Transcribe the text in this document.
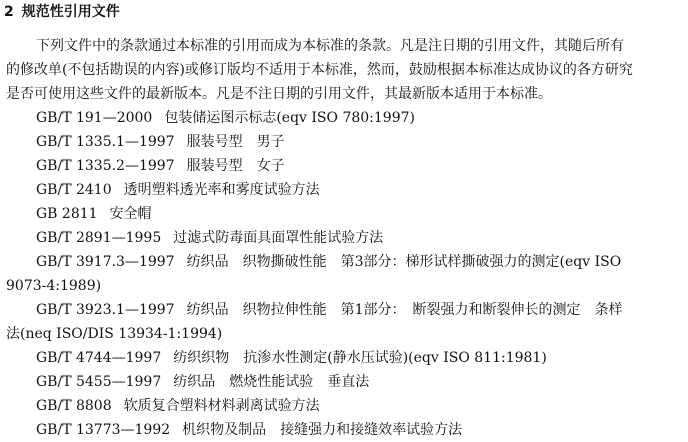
2 规范性引用文件
下列文件中的条款通过本标准的引用而成为本标准的条款。凡是注日期的引用文件，其随后所有
的修改单(不包括勘误的内容)或修订版均不适用于本标准，然而，鼓励根据本标准达成协议的各方研究
是否可使用这些文件的最新版本。凡是不注日期的引用文件，其最新版本适用于本标准。
GB/T 191—2000 包装储运图示标志(eqv ISO 780:1997)
GB/T 1335.1—1997 服装号型　男子
GB/T 1335.2—1997 服装号型　女子
GB/T 2410 透明塑料透光率和雾度试验方法
GB 2811 安全帽
GB/T 2891—1995 过滤式防毒面具面罩性能试验方法
GB/T 3917.3—1997 纺织品　织物撕破性能　第3部分：梯形试样撕破强力的测定(eqv ISO
9073-4:1989)
GB/T 3923.1—1997 纺织品　织物拉伸性能　第1部分：　断裂强力和断裂伸长的测定　条样
法(neq ISO/DIS 13934-1:1994)
GB/T 4744—1997 纺织织物　抗渗水性测定(静水压试验)(eqv ISO 811:1981)
GB/T 5455—1997 纺织品　燃烧性能试验　垂直法
GB/T 8808 软质复合塑料材料剥离试验方法
GB/T 13773—1992 机织物及制品　接缝强力和接缝效率试验方法
